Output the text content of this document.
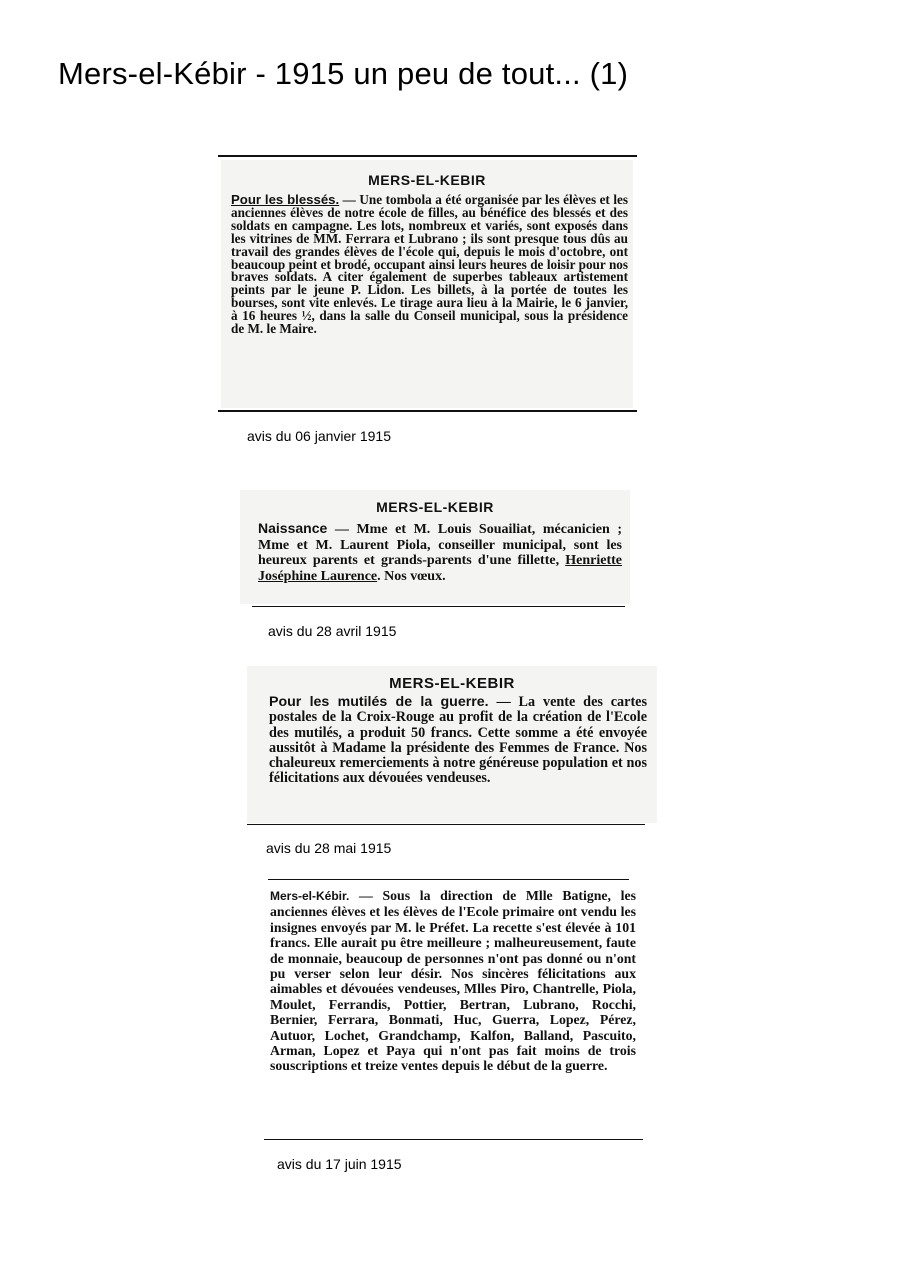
Mers-el-Kébir - 1915 un peu de tout... (1)
MERS-EL-KEBIR
Pour les blessés. — Une tombola a été organisée par les élèves et les anciennes élèves de notre école de filles, au bénéfice des blessés et des soldats en campagne. Les lots, nombreux et variés, sont exposés dans les vitrines de MM. Ferrara et Lubrano ; ils sont presque tous dûs au travail des grandes élèves de l'école qui, depuis le mois d'octobre, ont beaucoup peint et brodé, occupant ainsi leurs heures de loisir pour nos braves soldats. A citer également de superbes tableaux artistement peints par le jeune P. Lidon. Les billets, à la portée de toutes les bourses, sont vite enlevés. Le tirage aura lieu à la Mairie, le 6 janvier, à 16 heures ½, dans la salle du Conseil municipal, sous la présidence de M. le Maire.
avis du 06 janvier 1915
MERS-EL-KEBIR
Naissance — Mme et M. Louis Souailiat, mécanicien ; Mme et M. Laurent Piola, conseiller municipal, sont les heureux parents et grands-parents d'une fillette, Henriette Joséphine Laurence. Nos vœux.
avis du 28 avril 1915
MERS-EL-KEBIR
Pour les mutilés de la guerre. — La vente des cartes postales de la Croix-Rouge au profit de la création de l'Ecole des mutilés, a produit 50 francs. Cette somme a été envoyée aussitôt à Madame la présidente des Femmes de France. Nos chaleureux remerciements à notre généreuse population et nos félicitations aux dévouées vendeuses.
avis du 28 mai 1915
Mers-el-Kébir. — Sous la direction de Mlle Batigne, les anciennes élèves et les élèves de l'Ecole primaire ont vendu les insignes envoyés par M. le Préfet. La recette s'est élevée à 101 francs. Elle aurait pu être meilleure ; malheureusement, faute de monnaie, beaucoup de personnes n'ont pas donné ou n'ont pu verser selon leur désir. Nos sincères félicitations aux aimables et dévouées vendeuses, Mlles Piro, Chantrelle, Piola, Moulet, Ferrandis, Pottier, Bertran, Lubrano, Rocchi, Bernier, Ferrara, Bonmati, Huc, Guerra, Lopez, Pérez, Autuor, Lochet, Grandchamp, Kalfon, Balland, Pascuito, Arman, Lopez et Paya qui n'ont pas fait moins de trois souscriptions et treize ventes depuis le début de la guerre.
avis du 17 juin 1915
